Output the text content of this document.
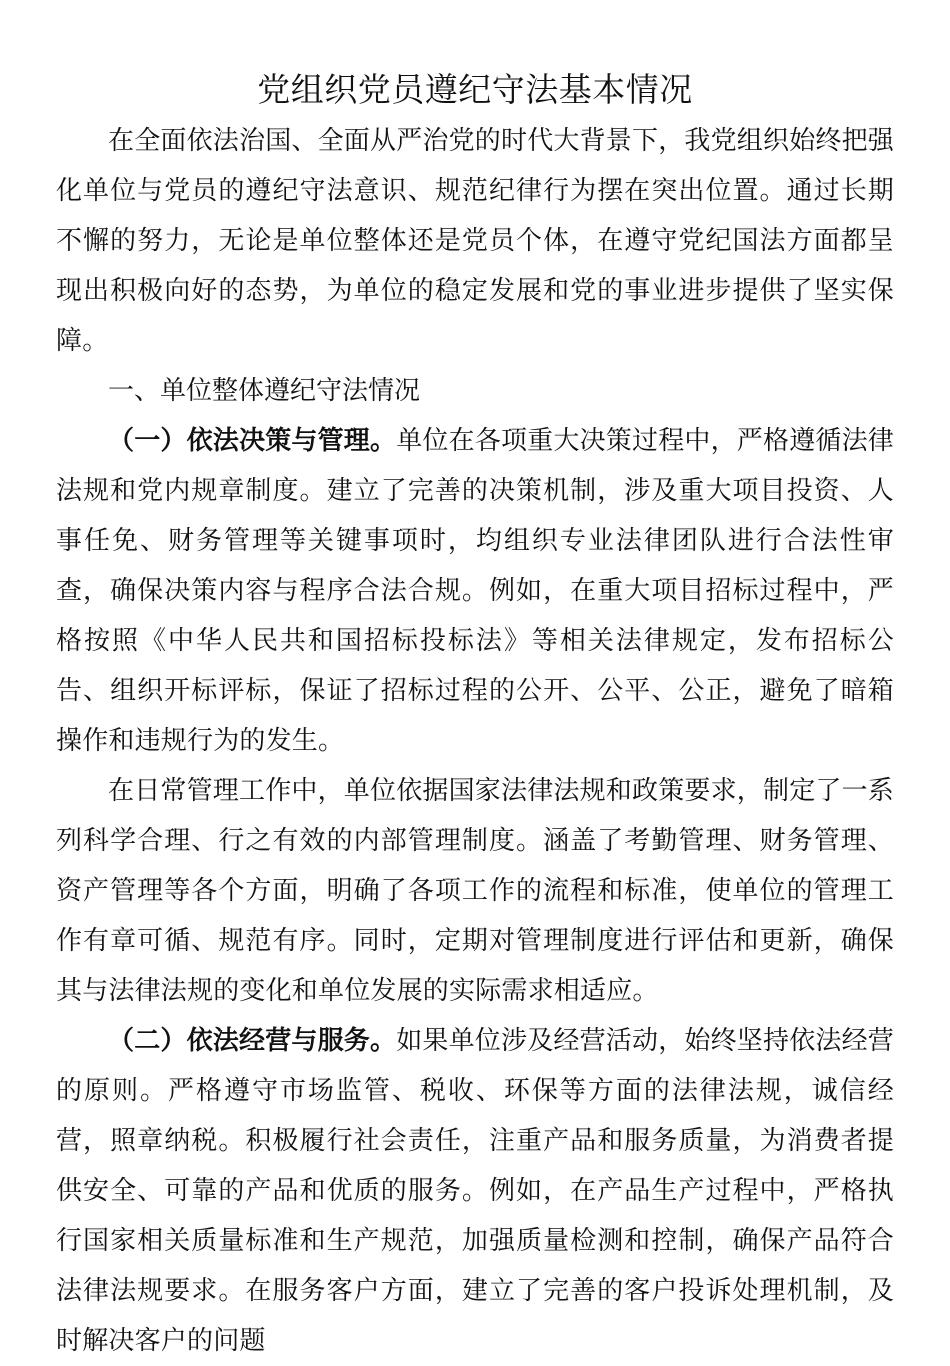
党组织党员遵纪守法基本情况

在全面依法治国、全面从严治党的时代大背景下，我党组织始终把强化单位与党员的遵纪守法意识、规范纪律行为摆在突出位置。通过长期不懈的努力，无论是单位整体还是党员个体，在遵守党纪国法方面都呈现出积极向好的态势，为单位的稳定发展和党的事业进步提供了坚实保障。

一、单位整体遵纪守法情况

（一）依法决策与管理。单位在各项重大决策过程中，严格遵循法律法规和党内规章制度。建立了完善的决策机制，涉及重大项目投资、人事任免、财务管理等关键事项时，均组织专业法律团队进行合法性审查，确保决策内容与程序合法合规。例如，在重大项目招标过程中，严格按照《中华人民共和国招标投标法》等相关法律规定，发布招标公告、组织开标评标，保证了招标过程的公开、公平、公正，避免了暗箱操作和违规行为的发生。

在日常管理工作中，单位依据国家法律法规和政策要求，制定了一系列科学合理、行之有效的内部管理制度。涵盖了考勤管理、财务管理、资产管理等各个方面，明确了各项工作的流程和标准，使单位的管理工作有章可循、规范有序。同时，定期对管理制度进行评估和更新，确保其与法律法规的变化和单位发展的实际需求相适应。

（二）依法经营与服务。如果单位涉及经营活动，始终坚持依法经营的原则。严格遵守市场监管、税收、环保等方面的法律法规，诚信经营，照章纳税。积极履行社会责任，注重产品和服务质量，为消费者提供安全、可靠的产品和优质的服务。例如，在产品生产过程中，严格执行国家相关质量标准和生产规范，加强质量检测和控制，确保产品符合法律法规要求。在服务客户方面，建立了完善的客户投诉处理机制，及时解决客户的问题
